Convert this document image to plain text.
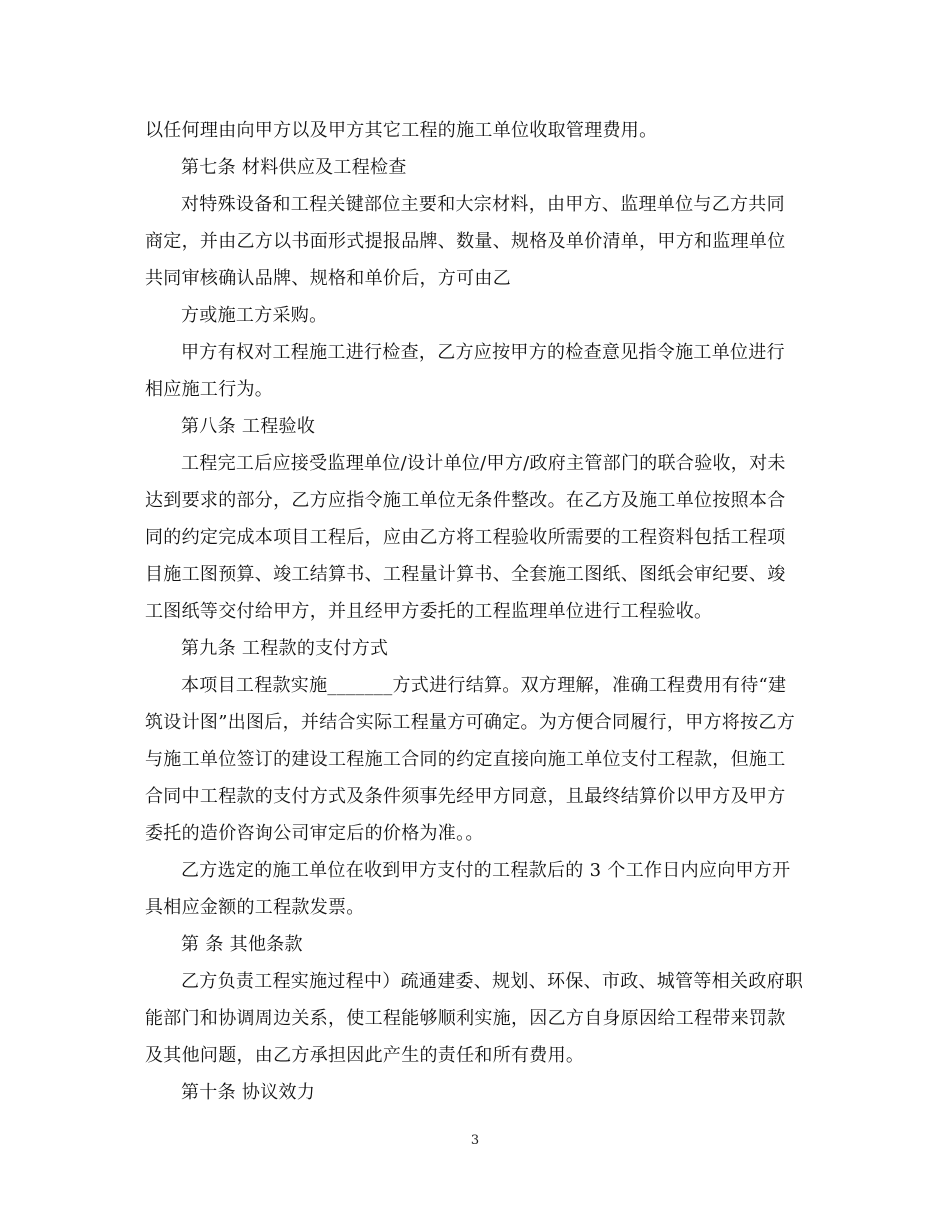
以任何理由向甲方以及甲方其它工程的施工单位收取管理费用。
第七条 材料供应及工程检查
对特殊设备和工程关键部位主要和大宗材料，由甲方、监理单位与乙方共同
商定，并由乙方以书面形式提报品牌、数量、规格及单价清单，甲方和监理单位
共同审核确认品牌、规格和单价后，方可由乙
方或施工方采购。
甲方有权对工程施工进行检查，乙方应按甲方的检查意见指令施工单位进行
相应施工行为。
第八条 工程验收
工程完工后应接受监理单位/设计单位/甲方/政府主管部门的联合验收，对未
达到要求的部分，乙方应指令施工单位无条件整改。在乙方及施工单位按照本合
同的约定完成本项目工程后，应由乙方将工程验收所需要的工程资料包括工程项
目施工图预算、竣工结算书、工程量计算书、全套施工图纸、图纸会审纪要、竣
工图纸等交付给甲方，并且经甲方委托的工程监理单位进行工程验收。
第九条 工程款的支付方式
本项目工程款实施_______方式进行结算。双方理解，准确工程费用有待“建
筑设计图”出图后，并结合实际工程量方可确定。为方便合同履行，甲方将按乙方
与施工单位签订的建设工程施工合同的约定直接向施工单位支付工程款，但施工
合同中工程款的支付方式及条件须事先经甲方同意，且最终结算价以甲方及甲方
委托的造价咨询公司审定后的价格为准。。
乙方选定的施工单位在收到甲方支付的工程款后的 3 个工作日内应向甲方开
具相应金额的工程款发票。
第 条 其他条款
乙方负责工程实施过程中）疏通建委、规划、环保、市政、城管等相关政府职
能部门和协调周边关系，使工程能够顺利实施，因乙方自身原因给工程带来罚款
及其他问题，由乙方承担因此产生的责任和所有费用。
第十条 协议效力
3
